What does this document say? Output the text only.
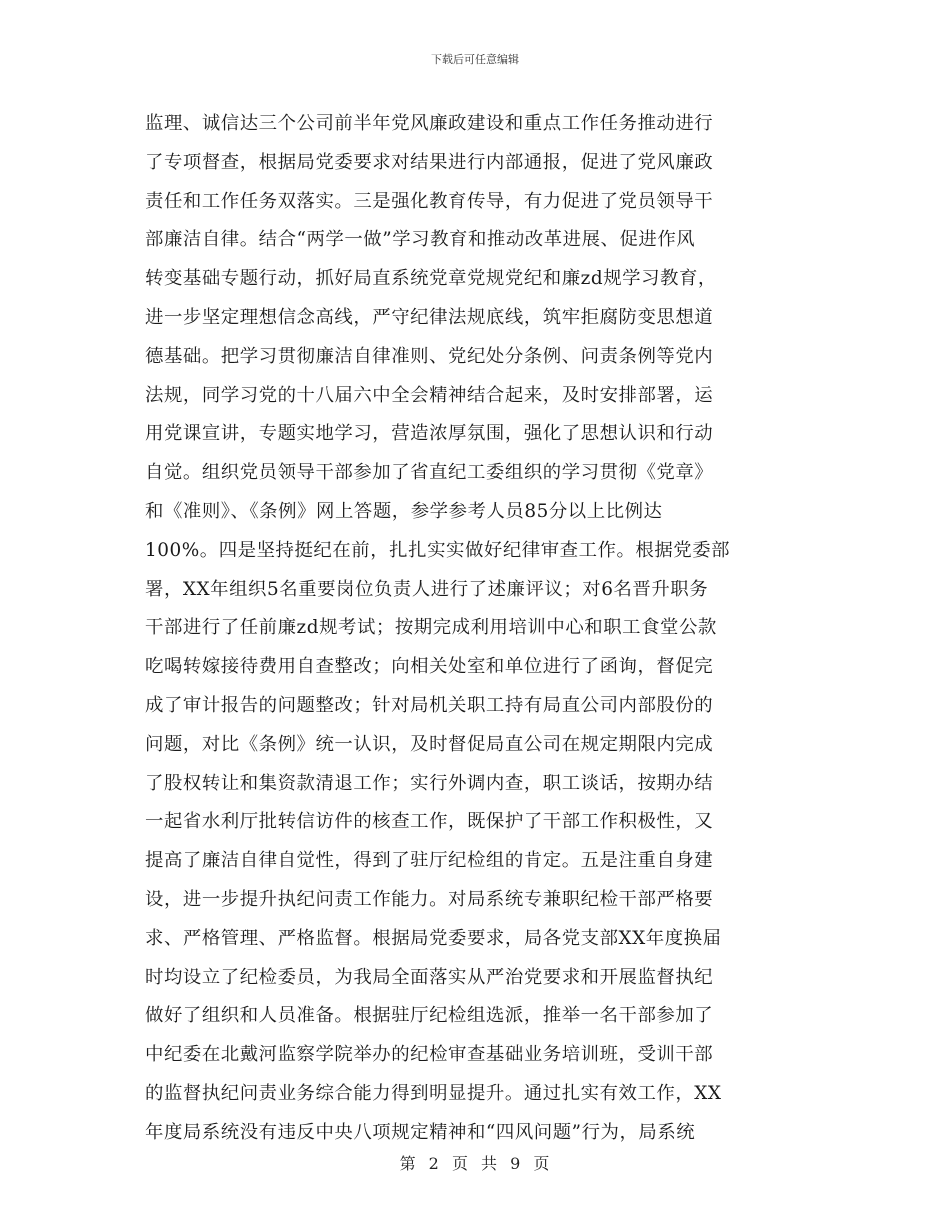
下载后可任意编辑
监理、诚信达三个公司前半年党风廉政建设和重点工作任务推动进行
了专项督查，根据局党委要求对结果进行内部通报，促进了党风廉政
责任和工作任务双落实。三是强化教育传导，有力促进了党员领导干
部廉洁自律。结合“两学一做”学习教育和推动改革进展、促进作风
转变基础专题行动，抓好局直系统党章党规党纪和廉zd规学习教育，
进一步坚定理想信念高线，严守纪律法规底线，筑牢拒腐防变思想道
德基础。把学习贯彻廉洁自律准则、党纪处分条例、问责条例等党内
法规，同学习党的十八届六中全会精神结合起来，及时安排部署，运
用党课宣讲，专题实地学习，营造浓厚氛围，强化了思想认识和行动
自觉。组织党员领导干部参加了省直纪工委组织的学习贯彻《党章》
和《准则》、《条例》网上答题，参学参考人员85分以上比例达
100%。四是坚持挺纪在前，扎扎实实做好纪律审查工作。根据党委部
署，XX年组织5名重要岗位负责人进行了述廉评议；对6名晋升职务
干部进行了任前廉zd规考试；按期完成利用培训中心和职工食堂公款
吃喝转嫁接待费用自查整改；向相关处室和单位进行了函询，督促完
成了审计报告的问题整改；针对局机关职工持有局直公司内部股份的
问题，对比《条例》统一认识，及时督促局直公司在规定期限内完成
了股权转让和集资款清退工作；实行外调内查，职工谈话，按期办结
一起省水利厅批转信访件的核查工作，既保护了干部工作积极性，又
提高了廉洁自律自觉性，得到了驻厅纪检组的肯定。五是注重自身建
设，进一步提升执纪问责工作能力。对局系统专兼职纪检干部严格要
求、严格管理、严格监督。根据局党委要求，局各党支部XX年度换届
时均设立了纪检委员，为我局全面落实从严治党要求和开展监督执纪
做好了组织和人员准备。根据驻厅纪检组选派，推举一名干部参加了
中纪委在北戴河监察学院举办的纪检审查基础业务培训班，受训干部
的监督执纪问责业务综合能力得到明显提升。通过扎实有效工作，XX
年度局系统没有违反中央八项规定精神和“四风问题”行为，局系统
第 2 页 共 9 页
